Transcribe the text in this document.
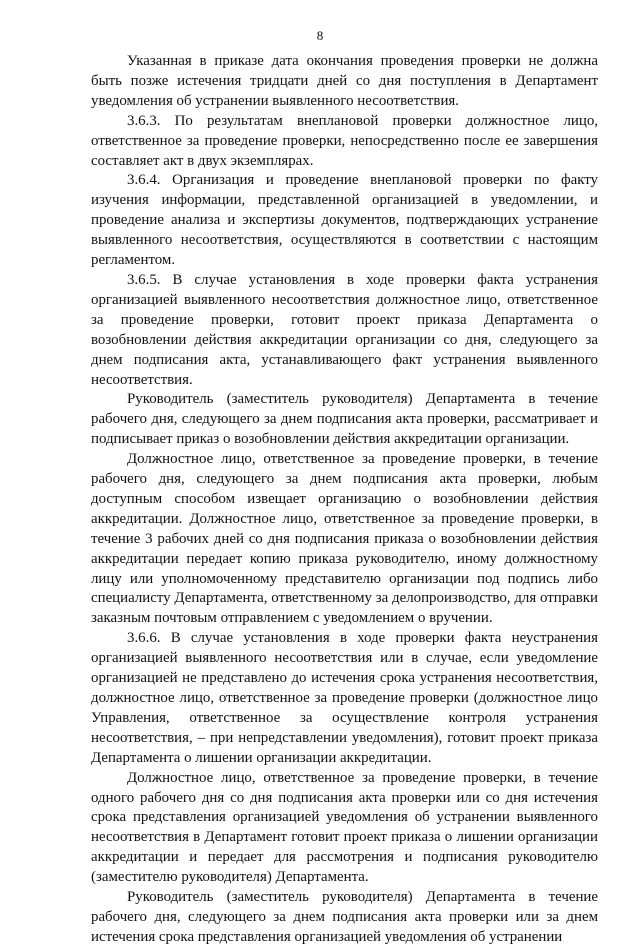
8

Указанная в приказе дата окончания проведения проверки не должна быть позже истечения тридцати дней со дня поступления в Департамент уведомления об устранении выявленного несоответствия.

3.6.3. По результатам внеплановой проверки должностное лицо, ответственное за проведение проверки, непосредственно после ее завершения составляет акт в двух экземплярах.

3.6.4. Организация и проведение внеплановой проверки по факту изучения информации, представленной организацией в уведомлении, и проведение анализа и экспертизы документов, подтверждающих устранение выявленного несоответствия, осуществляются в соответствии с настоящим регламентом.

3.6.5. В случае установления в ходе проверки факта устранения организацией выявленного несоответствия должностное лицо, ответственное за проведение проверки, готовит проект приказа Департамента о возобновлении действия аккредитации организации со дня, следующего за днем подписания акта, устанавливающего факт устранения выявленного несоответствия.

Руководитель (заместитель руководителя) Департамента в течение рабочего дня, следующего за днем подписания акта проверки, рассматривает и подписывает приказ о возобновлении действия аккредитации организации.

Должностное лицо, ответственное за проведение проверки, в течение рабочего дня, следующего за днем подписания акта проверки, любым доступным способом извещает организацию о возобновлении действия аккредитации. Должностное лицо, ответственное за проведение проверки, в течение 3 рабочих дней со дня подписания приказа о возобновлении действия аккредитации передает копию приказа руководителю, иному должностному лицу или уполномоченному представителю организации под подпись либо специалисту Департамента, ответственному за делопроизводство, для отправки заказным почтовым отправлением с уведомлением о вручении.

3.6.6. В случае установления в ходе проверки факта неустранения организацией выявленного несоответствия или в случае, если уведомление организацией не представлено до истечения срока устранения несоответствия, должностное лицо, ответственное за проведение проверки (должностное лицо Управления, ответственное за осуществление контроля устранения несоответствия, – при непредставлении уведомления), готовит проект приказа Департамента о лишении организации аккредитации.

Должностное лицо, ответственное за проведение проверки, в течение одного рабочего дня со дня подписания акта проверки или со дня истечения срока представления организацией уведомления об устранении выявленного несоответствия в Департамент готовит проект приказа о лишении организации аккредитации и передает для рассмотрения и подписания руководителю (заместителю руководителя) Департамента.

Руководитель (заместитель руководителя) Департамента в течение рабочего дня, следующего за днем подписания акта проверки или за днем истечения срока представления организацией уведомления об устранении
